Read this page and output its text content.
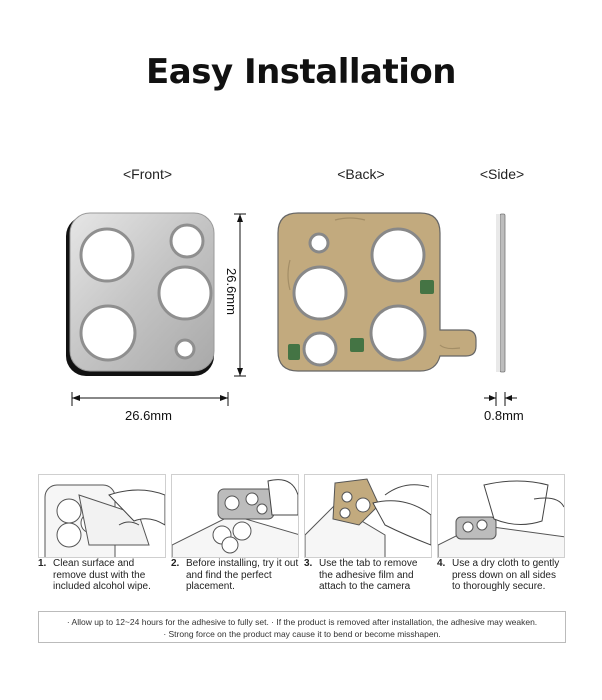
Easy Installation
<Front>	<Back>	<Side>
26.6mm
26.6mm
0.8mm
1. Clean surface and remove dust with the included alcohol wipe.
2. Before installing, try it out and find the perfect placement.
3. Use the tab to remove the adhesive film and attach to the camera
4. Use a dry cloth to gently press down on all sides to thoroughly secure.
· Allow up to 12~24 hours for the adhesive to fully set. · If the product is removed after installation, the adhesive may weaken.
· Strong force on the product may cause it to bend or become misshapen.
